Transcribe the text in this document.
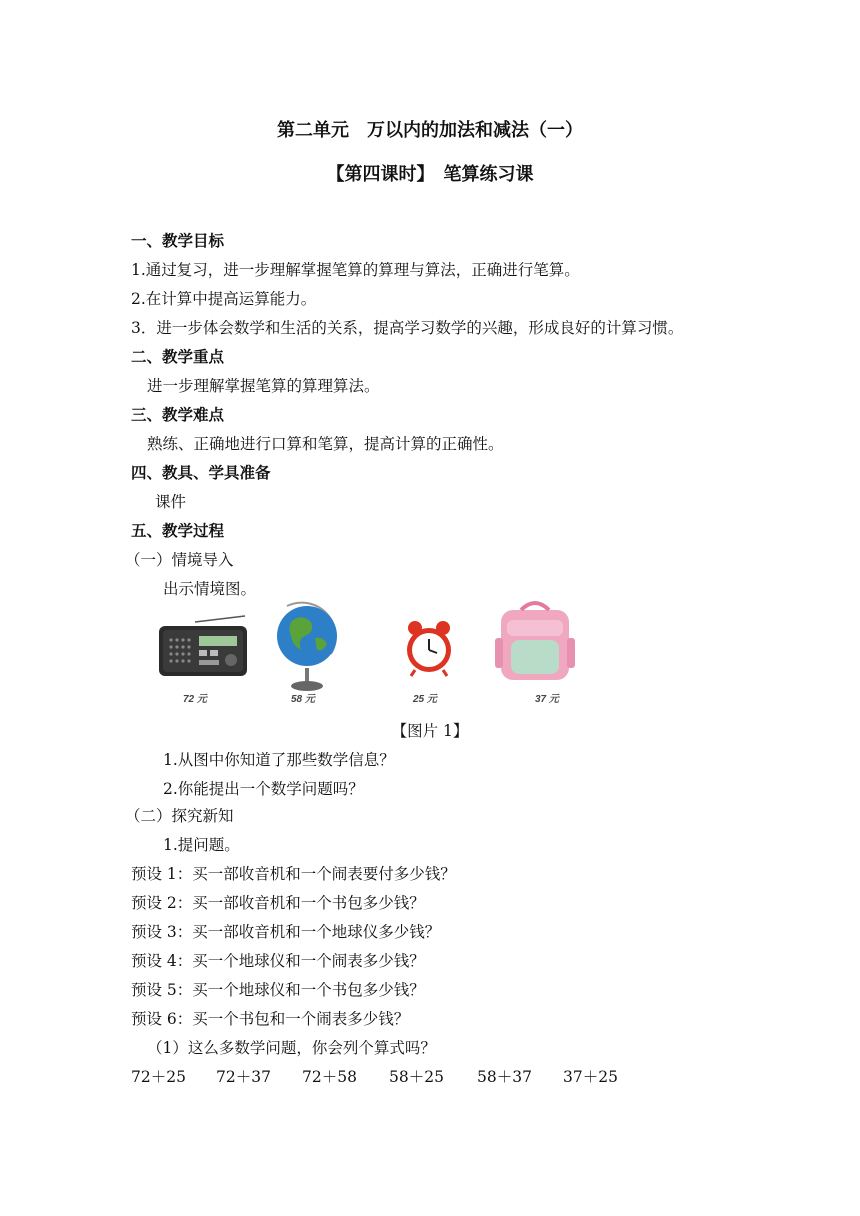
第二单元　万以内的加法和减法（一）
【第四课时】　笔算练习课
一、教学目标
1.通过复习，进一步理解掌握笔算的算理与算法，正确进行笔算。
2.在计算中提高运算能力。
3．进一步体会数学和生活的关系，提高学习数学的兴趣，形成良好的计算习惯。
二、教学重点
进一步理解掌握笔算的算理算法。
三、教学难点
熟练、正确地进行口算和笔算，提高计算的正确性。
四、教具、学具准备
课件
五、教学过程
（一）情境导入
出示情境图。
72 元	58 元	25 元	37 元
【图片 1】
1.从图中你知道了那些数学信息？
2.你能提出一个数学问题吗？
（二）探究新知
1.提问题。
预设 1：买一部收音机和一个闹表要付多少钱？
预设 2：买一部收音机和一个书包多少钱？
预设 3：买一部收音机和一个地球仪多少钱？
预设 4：买一个地球仪和一个闹表多少钱？
预设 5：买一个地球仪和一个书包多少钱？
预设 6：买一个书包和一个闹表多少钱？
（1）这么多数学问题，你会列个算式吗？
72＋25 72＋37 72＋58 58＋25 58＋37 37＋25
